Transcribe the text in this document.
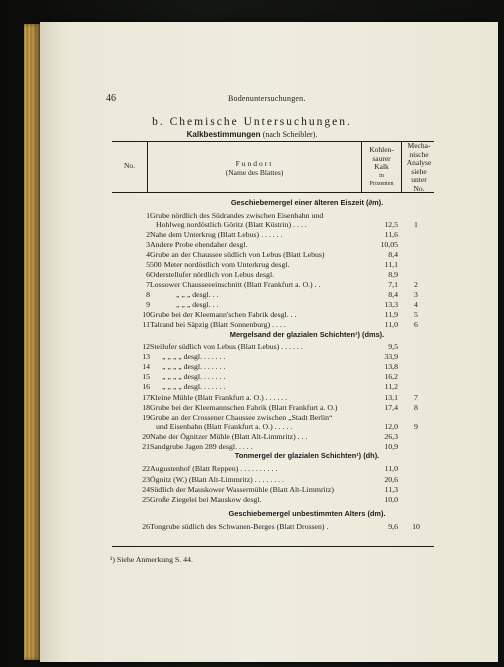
46	Bodenuntersuchungen.
b. Chemische Untersuchungen.
Kalkbestimmungen (nach Scheibler).
No.	Fundort
(Name des Blattes)
Kohlen-
saurer
Kalk
in
Prozenten
Mecha-
nische
Analyse
siehe
unter
No.
Geschiebemergel einer älteren Eiszeit (∂m).
Mergelsand der glazialen Schichten¹) (dms).
Tonmergel der glazialen Schichten¹) (dh).
Geschiebemergel unbestimmten Alters (dm).
1 Grube nördlich des Südrandes zwischen Eisenbahn und
Hohlweg nordöstlich Göritz (Blatt Küstrin) . . . .	12,5	1
2 Nahe dem Unterkrug (Blatt Lebus) . . . . . .	11,6
3 Andere Probe ebendaher desgl.	10,05
4 Grube an der Chaussee südlich von Lebus (Blatt Lebus)	8,4
5 500 Meter nordöstlich vom Unterkrug desgl.	11,1
6 Oderstellufer nördlich von Lebus desgl.	8,9
7 Lossower Chausseeeinschnitt (Blatt Frankfurt a. O.) . .	7,1	2
8	„ „ „ desgl. . .	8,4	3
9	„ „ „ desgl. . .	13,3	4
10 Grube bei der Kleemann'schen Fabrik desgl. . .	11,9	5
11 Talrand bei Säpzig (Blatt Sonnenburg) . . . .	11,0	6
12 Steilufer südlich von Lebus (Blatt Lebus) . . . . . .	9,5
13 „ „ „ „ desgl. . . . . . .	33,9
14 „ „ „ „ desgl. . . . . . .	13,8
15 „ „ „ „ desgl. . . . . . .	16,2
16 „ „ „ „ desgl. . . . . . .	11,2
17 Kleine Mühle (Blatt Frankfurt a. O.) . . . . . .	13,1	7
18 Grube bei der Kleemannschen Fabrik (Blatt Frankfurt a. O.)	17,4	8
19 Grube an der Crossener Chaussee zwischen „Stadt Berlin“
und Eisenbahn (Blatt Frankfurt a. O.) . . . . .	12,0	9
20 Nahe der Ögnitzer Mühle (Blatt Alt-Limmritz) . . .	26,3
21 Sandgrube Jagen 289 desgl. . . . .	10,9
22 Augustenhof (Blatt Reppen) . . . . . . . . . .	11,0
23 Ögnitz (W.) (Blatt Alt-Limmritz) . . . . . . . .	20,6
24 Südlich der Mauskower Wassermühle (Blatt Alt-Limmritz)	11,3
25 Große Ziegelei bei Mauskow desgl.	10,0
26 Tongrube südlich des Schwanen-Berges (Blatt Drossen) .	9,6	10
¹) Siehe Anmerkung S. 44.
